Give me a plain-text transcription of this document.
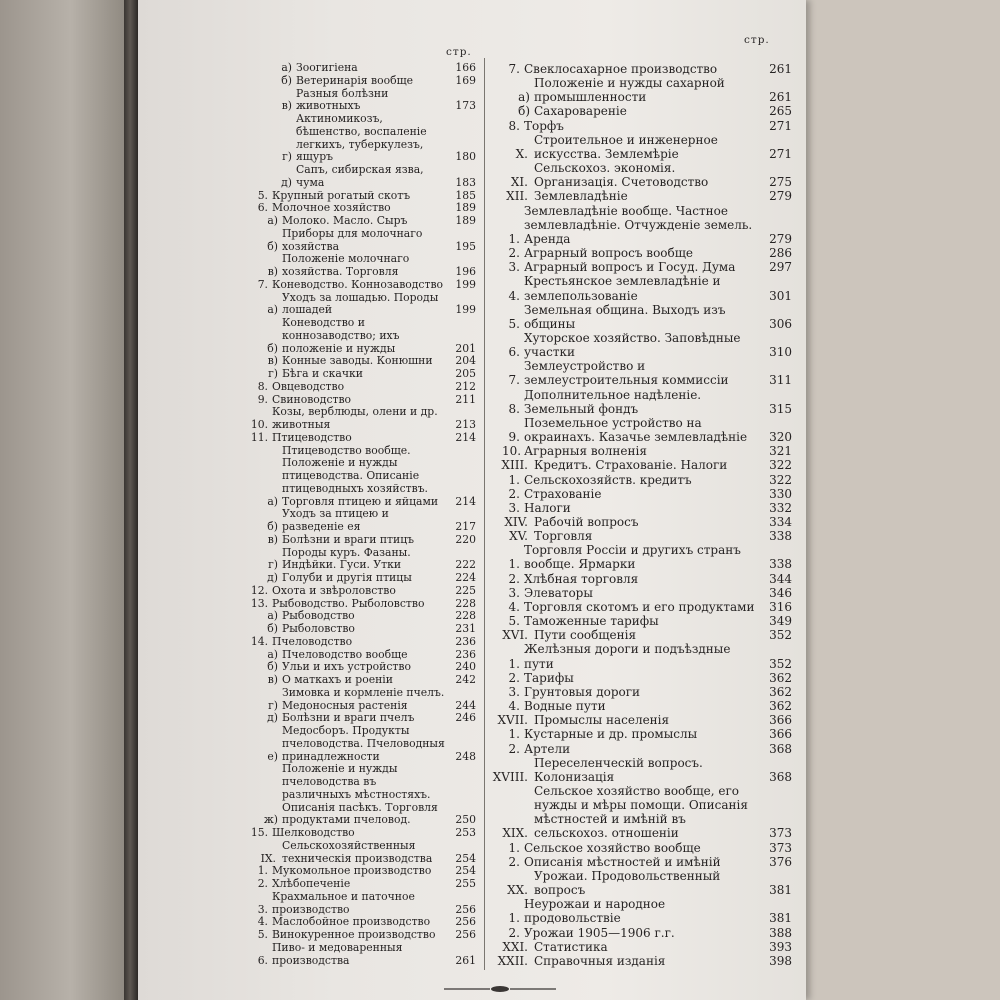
стр.
стр.
а) Зоогигiена	166
б) Ветеринарiя вообще	169
в)
Разныя болѣзни животныхъ	173
г)
Актиномикозъ, бѣшенство, воспаленiе легкихъ, туберкулезъ, ящуръ	180
д)
Сапъ, сибирская язва, чума	183
5. Крупный рогатый скотъ	185
6. Молочное хозяйство	189
а) Молоко. Масло. Сыръ	189
б)
Приборы для молочнаго хозяйства	195
в)
Положенiе молочнаго хозяйства. Торговля	196
7. Коневодство. Коннозаводство	199
а)
Уходъ за лошадью. Породы лошадей	199
б)
Коневодство и коннозаводство; ихъ положенiе и нужды	201
в) Конные заводы. Конюшни	204
г) Бѣга и скачки	205
8. Овцеводство	212
9. Свиноводство	211
10.
Козы, верблюды, олени и др. животныя	213
11. Птицеводство	214
а)
Птицеводство вообще. Положенiе и нужды птицеводства. Описанiе птицеводныхъ хозяйствъ. Торговля птицею и яйцами	214
б)
Уходъ за птицею и разведенiе ея	217
в) Болѣзни и враги птицъ	220
г)
Породы куръ. Фазаны. Индѣйки. Гуси. Утки	222
д) Голуби и другiя птицы	224
12. Охота и звѣроловство	225
13. Рыбоводство. Рыболовство	228
а) Рыбоводство	228
б) Рыболовство	231
14. Пчеловодство	236
а) Пчеловодство вообще	236
б) Ульи и ихъ устройство	240
в) О маткахъ и роенiи	242
г)
Зимовка и кормленiе пчелъ. Медоносныя растенiя	244
д) Болѣзни и враги пчелъ	246
е)
Медосборъ. Продукты пчеловодства. Пчеловодныя принадлежности	248
ж)
Положенiе и нужды пчеловодства въ различныхъ мѣстностяхъ. Описанiя пасѣкъ. Торговля продуктами пчеловод.	250
15. Шелководство	253
IX.
Сельскохозяйственныя техническiя производства	254
1. Мукомольное производство	254
2. Хлѣбопеченiе	255
3.
Крахмальное и паточное производство	256
4. Маслобойное производство	256
5. Винокуренное производство	256
6.
Пиво- и медоваренныя производства	261
7. Свеклосахарное производство	261
а)
Положенiе и нужды сахарной промышленности	261
б) Сахароваренiе	265
8. Торфъ	271
X.
Строительное и инженерное искусства. Землемѣрiе	271
XI.
Сельскохоз. экономiя. Организацiя. Счетоводство	275
XII. Землевладѣнiе	279
1.
Землевладѣнiе вообще. Частное землевладѣнiе. Отчужденiе земель. Аренда	279
2. Аграрный вопросъ вообще	286
3. Аграрный вопросъ и Госуд. Дума	297
4.
Крестьянское землевладѣнiе и землепользованiе	301
5.
Земельная община. Выходъ изъ общины	306
6.
Хуторское хозяйство. Заповѣдные участки	310
7.
Землеустройство и землеустроительныя коммиссiи	311
8.
Дополнительное надѣленiе. Земельный фондъ	315
9.
Поземельное устройство на окраинахъ. Казачье землевладѣнiе	320
10. Аграрныя волненiя	321
XIII. Кредитъ. Страхованiе. Налоги	322
1. Сельскохозяйств. кредитъ	322
2. Страхованiе	330
3. Налоги	332
XIV. Рабочiй вопросъ	334
XV. Торговля	338
1.
Торговля Россiи и другихъ странъ вообще. Ярмарки	338
2. Хлѣбная торговля	344
3. Элеваторы	346
4. Торговля скотомъ и его продуктами	316
5. Таможенные тарифы	349
XVI. Пути сообщенiя	352
1.
Желѣзныя дороги и подъѣздные пути	352
2. Тарифы	362
3. Грунтовыя дороги	362
4. Водные пути	362
XVII. Промыслы населенiя	366
1. Кустарные и др. промыслы	366
2. Артели	368
XVIII.
Переселенческiй вопросъ. Колонизацiя	368
XIX.
Сельское хозяйство вообще, его нужды и мѣры помощи. Описанiя мѣстностей и имѣнiй въ сельскохоз. отношенiи	373
1. Сельское хозяйство вообще	373
2. Описанiя мѣстностей и имѣнiй	376
XX.
Урожаи. Продовольственный вопросъ	381
1.
Неурожаи и народное продовольствiе	381
2. Урожаи 1905—1906 г.г.	388
XXI. Статистика	393
XXII. Справочныя изданiя	398
